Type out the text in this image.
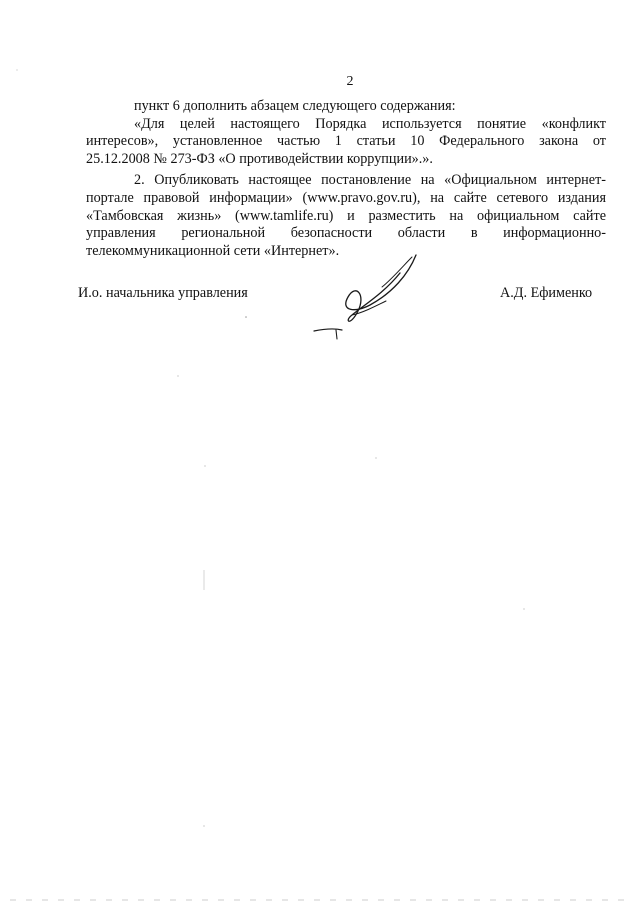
2
пункт 6 дополнить абзацем следующего содержания:
«Для целей настоящего Порядка используется понятие «конфликт
интересов», установленное частью 1 статьи 10 Федерального закона от
25.12.2008 № 273-ФЗ «О противодействии коррупции».».
2. Опубликовать настоящее постановление на «Официальном интернет-
портале правовой информации» (www.pravo.gov.ru), на сайте сетевого издания
«Тамбовская жизнь» (www.tamlife.ru) и разместить на официальном сайте
управления региональной безопасности области в информационно-
телекоммуникационной сети «Интернет».
И.о. начальника управления	А.Д. Ефименко
